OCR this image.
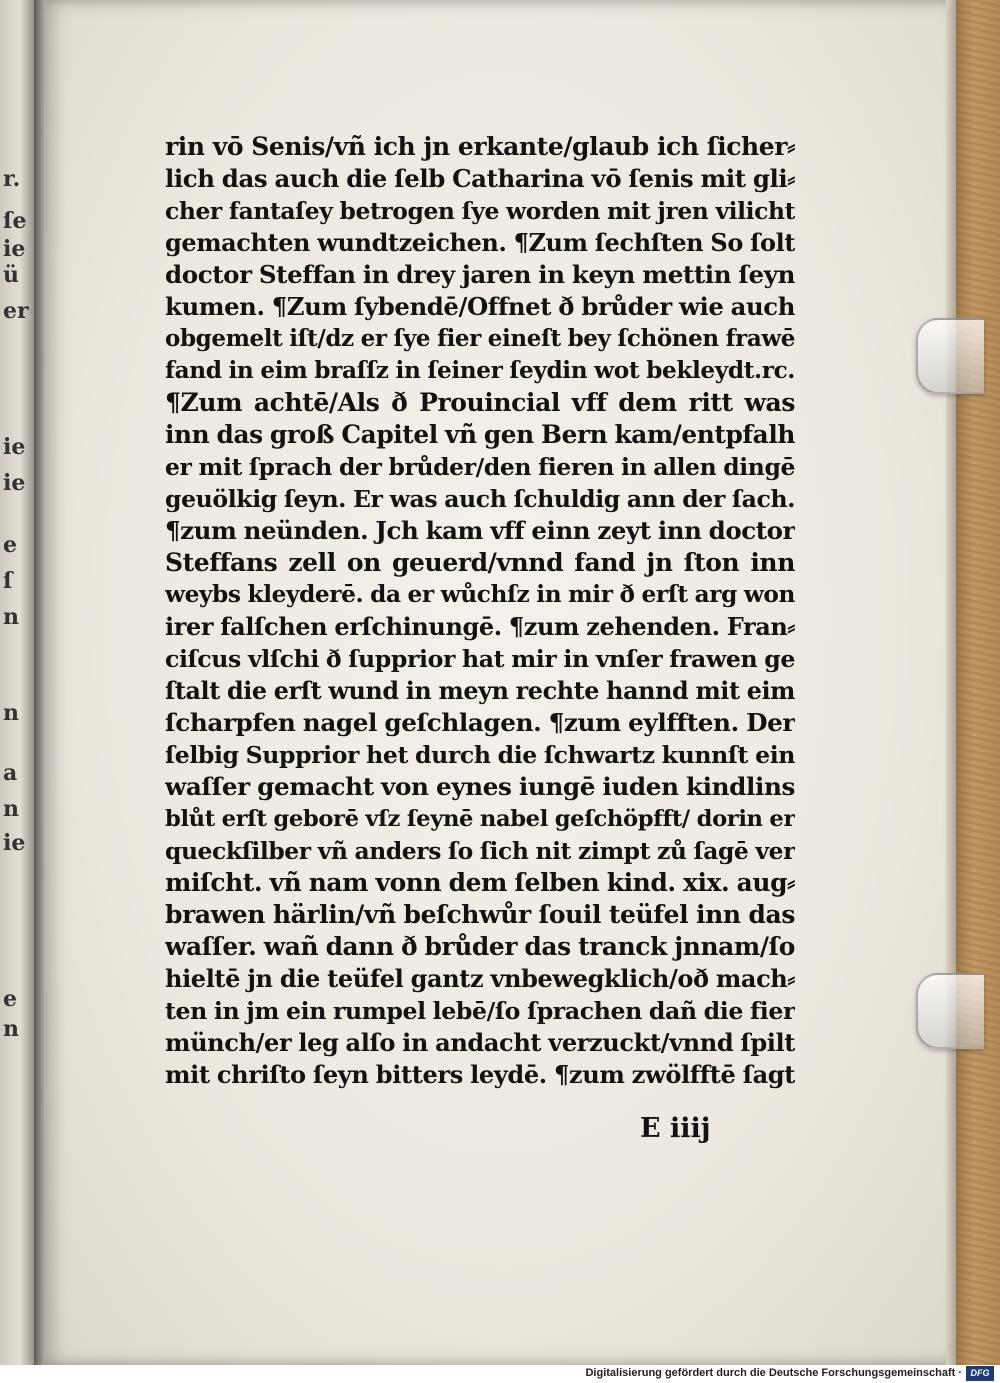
r.
ſe
ie
ü
er
ie
ie
e
ſ
n
n
a
n
ie
e
n
rin vō Senis/vñ ich jn erkante/glaub ich ſicher⸗
lich das auch die ſelb Catharina vō ſenis mit gli⸗
cher fantaſey betrogen ſye worden mit jren vilicht
gemachten wundtzeichen. ¶Zum ſechſten So ſolt
doctor Steffan in drey jaren in keyn mettin ſeyn
kumen. ¶Zum ſybendē/Offnet ð brůder wie auch
obgemelt iſt/dz er ſye fier eineſt bey ſchönen frawē
fand in eim braſſz in ſeiner ſeydin wot bekleydt.rc.
¶Zum achtē/Als ð Prouincial vff dem ritt was
inn das groß Capitel vñ gen Bern kam/entpfalh
er mit ſprach der brůder/den fieren in allen dingē
geuölkig ſeyn. Er was auch ſchuldig ann der ſach.
¶zum neünden. Jch kam vff einn zeyt inn doctor
Steffans zell on geuerd/vnnd fand jn ſton inn
weybs kleyderē. da er wůchſz in mir ð erſt arg won
irer falſchen erſchinungē. ¶zum zehenden. Fran⸗
ciſcus vlſchi ð ſupprior hat mir in vnſer frawen ge
ſtalt die erſt wund in meyn rechte hannd mit eim
ſcharpfen nagel geſchlagen. ¶zum eylfften. Der
ſelbig Supprior het durch die ſchwartz kunnſt ein
waſſer gemacht von eynes iungē iuden kindlins
blůt erſt geborē vſz ſeynē nabel geſchöpfft/ dorin er
queckſilber vñ anders ſo ſich nit zimpt zů ſagē ver
miſcht. vñ nam vonn dem ſelben kind. xix. aug⸗
brawen härlin/vñ beſchwůr ſouil teüfel inn das
waſſer. wañ dann ð brůder das tranck jnnam/ſo
hieltē jn die teüfel gantz vnbewegklich/oð mach⸗
ten in jm ein rumpel lebē/ſo ſprachen dañ die fier
münch/er leg alſo in andacht verzuckt/vnnd ſpilt
mit chriſto ſeyn bitters leydē. ¶zum zwölfftē ſagt
E iiij
Digitalisierung gefördert durch die Deutsche Forschungsgemeinschaft · DFG
